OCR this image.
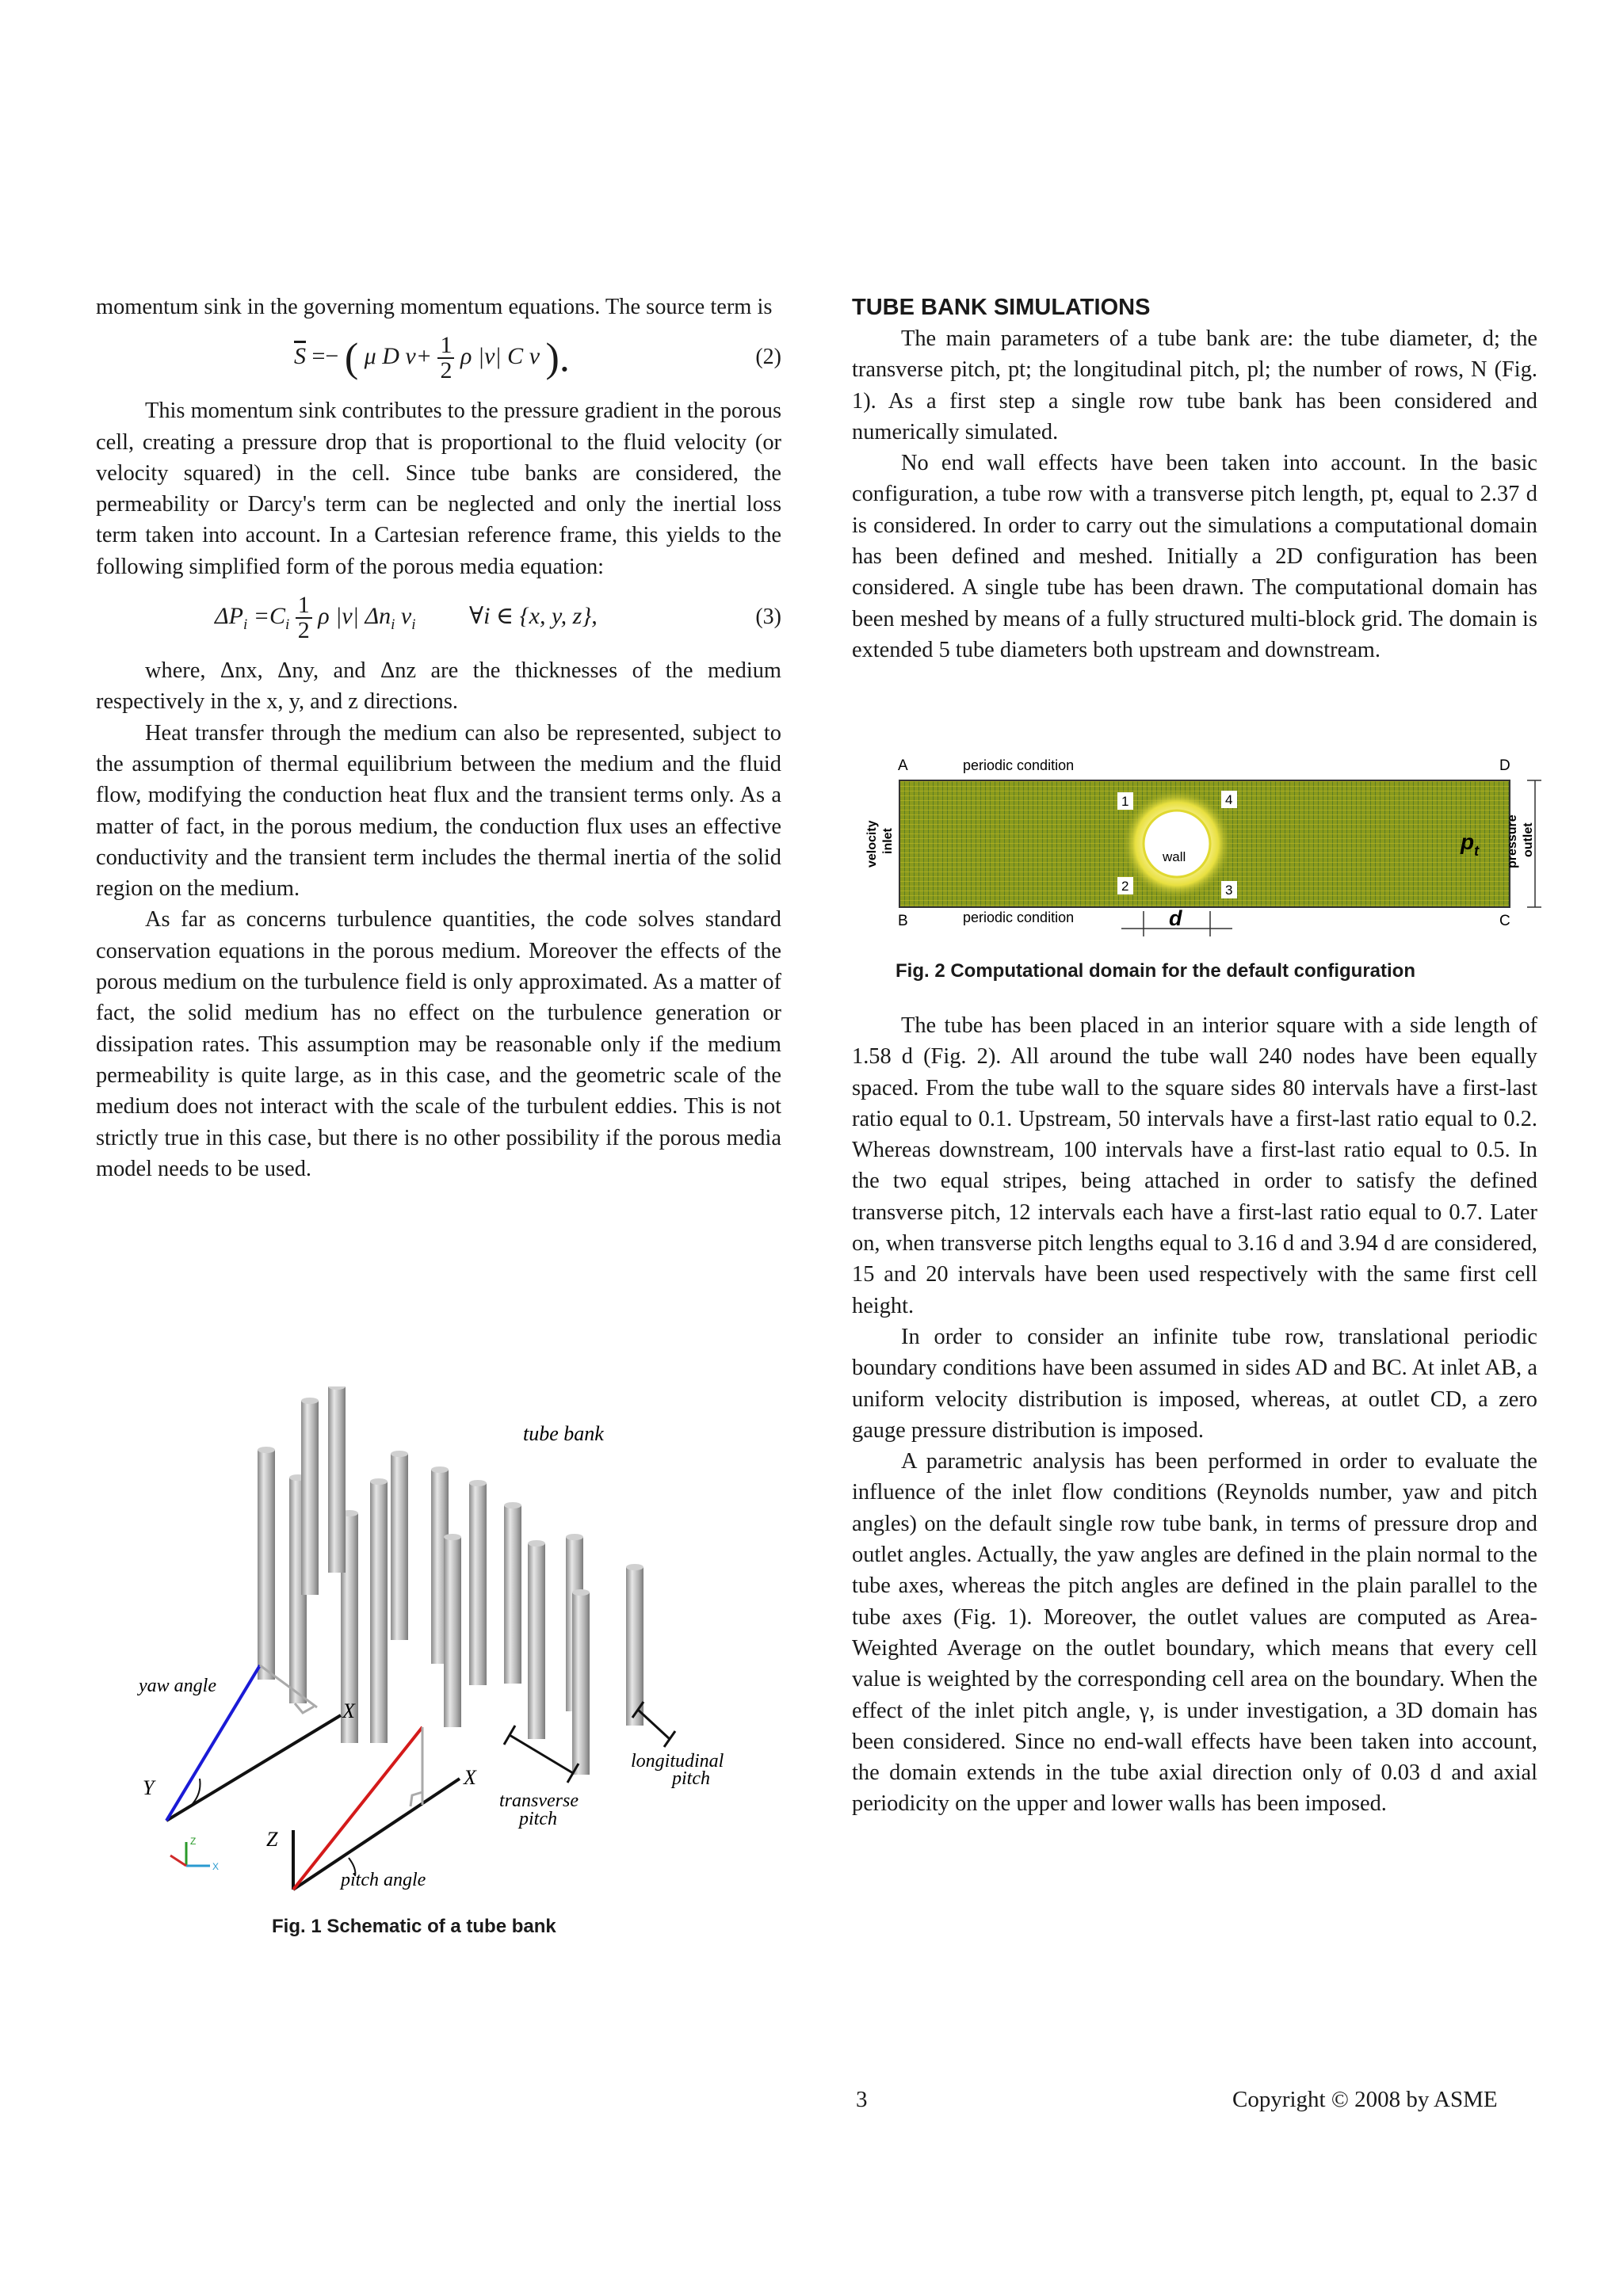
momentum sink in the governing momentum equations. The source term is

$\overline{S}$ =− ( μ D $v+ \frac{1}{2}$ ρ |v| C v ).	(2)

This momentum sink contributes to the pressure gradient in the porous cell, creating a pressure drop that is proportional to the fluid velocity (or velocity squared) in the cell. Since tube banks are considered, the permeability or Darcy's term can be neglected and only the inertial loss term taken into account. In a Cartesian reference frame, this yields to the following simplified form of the porous media equation:

$\Delta P_i =C_i \frac{1}{2}$ ρ |v| $\Delta n_i$ $v_i$ ∀i ∈ {x, y, z},	(3)

where, Δnx, Δny, and Δnz are the thicknesses of the medium respectively in the x, y, and z directions.

Heat transfer through the medium can also be represented, subject to the assumption of thermal equilibrium between the medium and the fluid flow, modifying the conduction heat flux and the transient terms only. As a matter of fact, in the porous medium, the conduction flux uses an effective conductivity and the transient term includes the thermal inertia of the solid region on the medium.

As far as concerns turbulence quantities, the code solves standard conservation equations in the porous medium. Moreover the effects of the porous medium on the turbulence field is only approximated. As a matter of fact, the solid medium has no effect on the turbulence generation or dissipation rates. This assumption may be reasonable only if the medium permeability is quite large, as in this case, and the geometric scale of the medium does not interact with the scale of the turbulent eddies. This is not strictly true in this case, but there is no other possibility if the porous media model needs to be used.

tube bank
yaw angle
X
Y
Z
X
pitch angle
transverse
pitch
longitudinal
pitch
Z
X
Fig. 1 Schematic of a tube bank
TUBE BANK SIMULATIONS

The main parameters of a tube bank are: the tube diameter, d; the transverse pitch, pt; the longitudinal pitch, pl; the number of rows, N (Fig. 1). As a first step a single row tube bank has been considered and numerically simulated.

No end wall effects have been taken into account. In the basic configuration, a tube row with a transverse pitch length, pt, equal to 2.37 d is considered. In order to carry out the simulations a computational domain has been defined and meshed. Initially a 2D configuration has been considered. A single tube has been drawn. The computational domain has been meshed by means of a fully structured multi-block grid. The domain is extended 5 tube diameters both upstream and downstream.

wall
A
B	C
D
periodic condition
periodic condition
velocity inlet	pressure outlet
1
2	3
4
$p_t$
d
Fig. 2 Computational domain for the default configuration

The tube has been placed in an interior square with a side length of 1.58 d (Fig. 2). All around the tube wall 240 nodes have been equally spaced. From the tube wall to the square sides 80 intervals have a first-last ratio equal to 0.1. Upstream, 50 intervals have a first-last ratio equal to 0.2. Whereas downstream, 100 intervals have a first-last ratio equal to 0.5. In the two equal stripes, being attached in order to satisfy the defined transverse pitch, 12 intervals each have a first-last ratio equal to 0.7. Later on, when transverse pitch lengths equal to 3.16 d and 3.94 d are considered, 15 and 20 intervals have been used respectively with the same first cell height.

In order to consider an infinite tube row, translational periodic boundary conditions have been assumed in sides AD and BC. At inlet AB, a uniform velocity distribution is imposed, whereas, at outlet CD, a zero gauge pressure distribution is imposed.

A parametric analysis has been performed in order to evaluate the influence of the inlet flow conditions (Reynolds number, yaw and pitch angles) on the default single row tube bank, in terms of pressure drop and outlet angles. Actually, the yaw angles are defined in the plain normal to the tube axes, whereas the pitch angles are defined in the plain parallel to the tube axes (Fig. 1). Moreover, the outlet values are computed as Area-Weighted Average on the outlet boundary, which means that every cell value is weighted by the corresponding cell area on the boundary. When the effect of the inlet pitch angle, γ, is under investigation, a 3D domain has been considered. Since no end-wall effects have been taken into account, the domain extends in the tube axial direction only of 0.03 d and axial periodicity on the upper and lower walls has been imposed.

3	Copyright © 2008 by ASME
